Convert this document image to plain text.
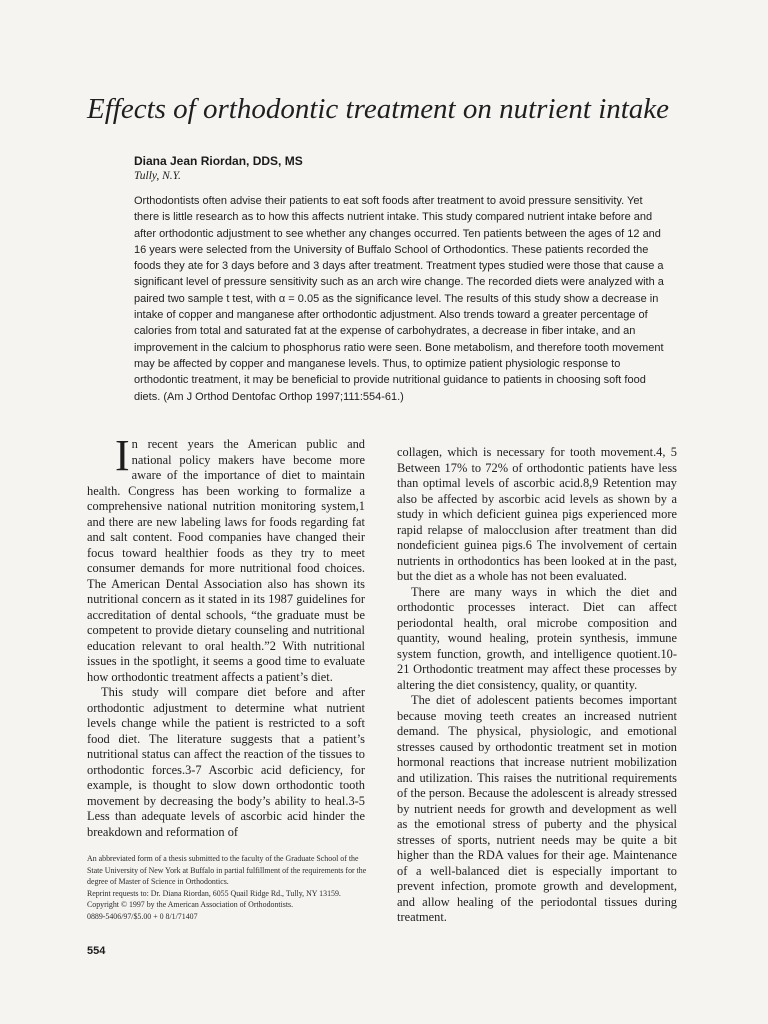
Effects of orthodontic treatment on nutrient intake
Diana Jean Riordan, DDS, MS
Tully, N.Y.
Orthodontists often advise their patients to eat soft foods after treatment to avoid pressure sensitivity. Yet there is little research as to how this affects nutrient intake. This study compared nutrient intake before and after orthodontic adjustment to see whether any changes occurred. Ten patients between the ages of 12 and 16 years were selected from the University of Buffalo School of Orthodontics. These patients recorded the foods they ate for 3 days before and 3 days after treatment. Treatment types studied were those that cause a significant level of pressure sensitivity such as an arch wire change. The recorded diets were analyzed with a paired two sample t test, with α = 0.05 as the significance level. The results of this study show a decrease in intake of copper and manganese after orthodontic adjustment. Also trends toward a greater percentage of calories from total and saturated fat at the expense of carbohydrates, a decrease in fiber intake, and an improvement in the calcium to phosphorus ratio were seen. Bone metabolism, and therefore tooth movement may be affected by copper and manganese levels. Thus, to optimize patient physiologic response to orthodontic treatment, it may be beneficial to provide nutritional guidance to patients in choosing soft food diets. (Am J Orthod Dentofac Orthop 1997;111:554-61.)

In recent years the American public and national policy makers have become more aware of the importance of diet to maintain health. Congress has been working to formalize a comprehensive national nutrition monitoring system,1 and there are new labeling laws for foods regarding fat and salt content. Food companies have changed their focus toward healthier foods as they try to meet consumer demands for more nutritional food choices. The American Dental Association also has shown its nutritional concern as it stated in its 1987 guidelines for accreditation of dental schools, “the graduate must be competent to provide dietary counseling and nutritional education relevant to oral health.”2 With nutritional issues in the spotlight, it seems a good time to evaluate how orthodontic treatment affects a patient’s diet.

This study will compare diet before and after orthodontic adjustment to determine what nutrient levels change while the patient is restricted to a soft food diet. The literature suggests that a patient’s nutritional status can affect the reaction of the tissues to orthodontic forces.3-7 Ascorbic acid deficiency, for example, is thought to slow down orthodontic tooth movement by decreasing the body’s ability to heal.3-5 Less than adequate levels of ascorbic acid hinder the breakdown and reformation of

collagen, which is necessary for tooth movement.4, 5 Between 17% to 72% of orthodontic patients have less than optimal levels of ascorbic acid.8,9 Retention may also be affected by ascorbic acid levels as shown by a study in which deficient guinea pigs experienced more rapid relapse of malocclusion after treatment than did nondeficient guinea pigs.6 The involvement of certain nutrients in orthodontics has been looked at in the past, but the diet as a whole has not been evaluated.

There are many ways in which the diet and orthodontic processes interact. Diet can affect periodontal health, oral microbe composition and quantity, wound healing, protein synthesis, immune system function, growth, and intelligence quotient.10-21 Orthodontic treatment may affect these processes by altering the diet consistency, quality, or quantity.

The diet of adolescent patients becomes important because moving teeth creates an increased nutrient demand. The physical, physiologic, and emotional stresses caused by orthodontic treatment set in motion hormonal reactions that increase nutrient mobilization and utilization. This raises the nutritional requirements of the person. Because the adolescent is already stressed by nutrient needs for growth and development as well as the emotional stress of puberty and the physical stresses of sports, nutrient needs may be quite a bit higher than the RDA values for their age. Maintenance of a well-balanced diet is especially important to prevent infection, promote growth and development, and allow healing of the periodontal tissues during treatment.

An abbreviated form of a thesis submitted to the faculty of the Graduate School of the State University of New York at Buffalo in partial fulfillment of the requirements for the degree of Master of Science in Orthodontics.
Reprint requests to: Dr. Diana Riordan, 6055 Quail Ridge Rd., Tully, NY 13159.
Copyright © 1997 by the American Association of Orthodontists.
0889-5406/97/$5.00 + 0 8/1/71407
554
